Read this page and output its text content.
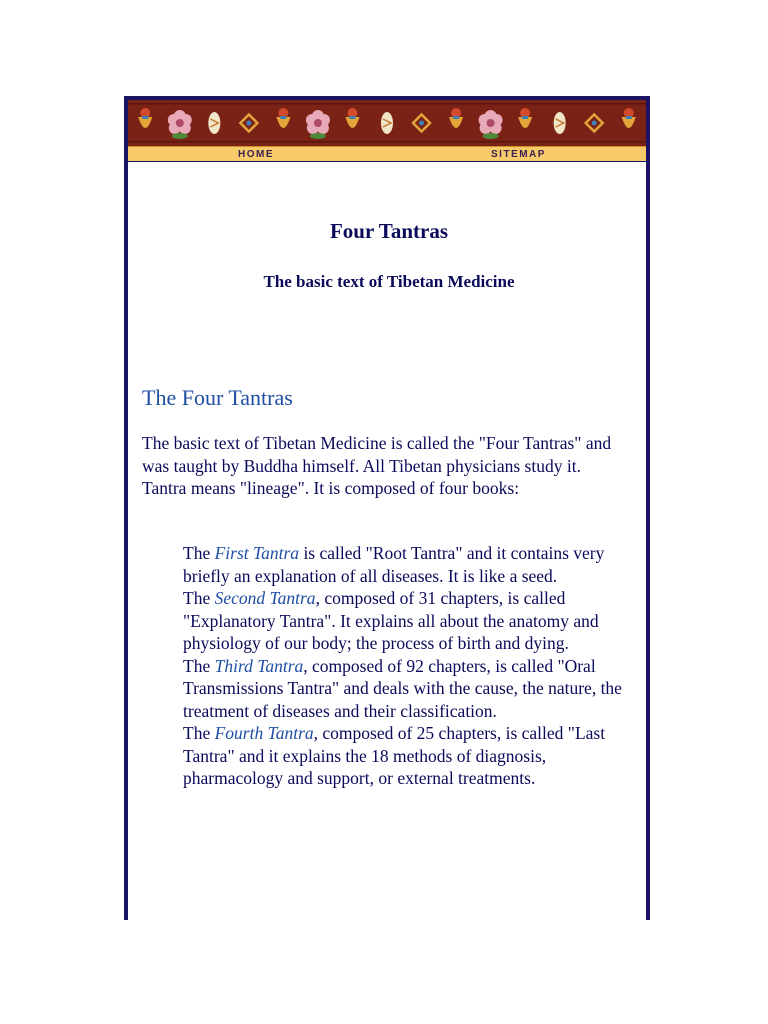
HOME	SITEMAP
Four Tantras
The basic text of Tibetan Medicine
The Four Tantras

The basic text of Tibetan Medicine is called the "Four Tantras" and was taught by Buddha himself. All Tibetan physicians study it.
Tantra means "lineage". It is composed of four books:

The First Tantra is called "Root Tantra" and it contains very briefly an explanation of all diseases. It is like a seed.
The Second Tantra, composed of 31 chapters, is called "Explanatory Tantra". It explains all about the anatomy and physiology of our body; the process of birth and dying.
The Third Tantra, composed of 92 chapters, is called "Oral Transmissions Tantra" and deals with the cause, the nature, the treatment of diseases and their classification.
The Fourth Tantra, composed of 25 chapters, is called "Last Tantra" and it explains the 18 methods of diagnosis, pharmacology and support, or external treatments.
